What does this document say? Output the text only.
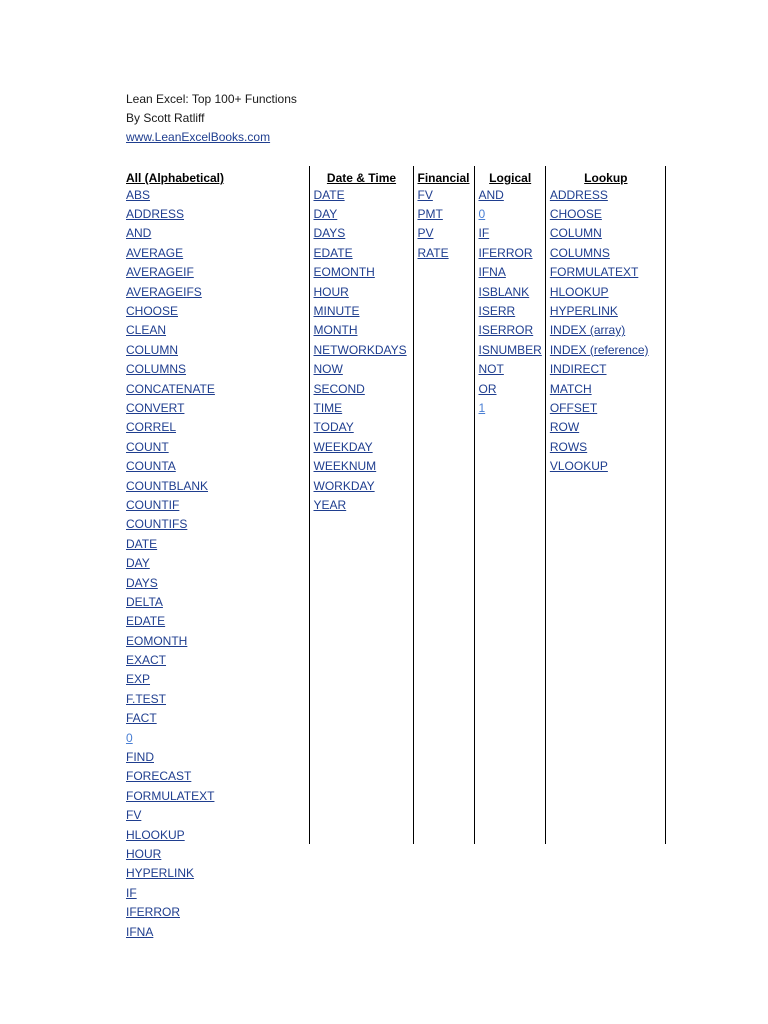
Lean Excel: Top 100+ Functions
By Scott Ratliff
www.LeanExcelBooks.com
All (Alphabetical)	Date & Time	Financial	Logical	Lookup
ABS	DATE	FV	AND	ADDRESS
ADDRESS	DAY	PMT	0	CHOOSE
AND	DAYS	PV	IF	COLUMN
AVERAGE	EDATE	RATE	IFERROR	COLUMNS
AVERAGEIF	EOMONTH		IFNA	FORMULATEXT
AVERAGEIFS	HOUR		ISBLANK	HLOOKUP
CHOOSE	MINUTE		ISERR	HYPERLINK
CLEAN	MONTH		ISERROR	INDEX (array)
COLUMN	NETWORKDAYS		ISNUMBER	INDEX (reference)
COLUMNS	NOW		NOT	INDIRECT
CONCATENATE	SECOND		OR	MATCH
CONVERT	TIME		1	OFFSET
CORREL	TODAY			ROW
COUNT	WEEKDAY			ROWS
COUNTA	WEEKNUM			VLOOKUP
COUNTBLANK	WORKDAY			
COUNTIF	YEAR			
COUNTIFS				
DATE				
DAY				
DAYS				
DELTA				
EDATE				
EOMONTH				
EXACT				
EXP				
F.TEST				
FACT				
0				
FIND				
FORECAST				
FORMULATEXT				
FV				
HLOOKUP				
HOUR				
HYPERLINK				
IF				
IFERROR				
IFNA				
